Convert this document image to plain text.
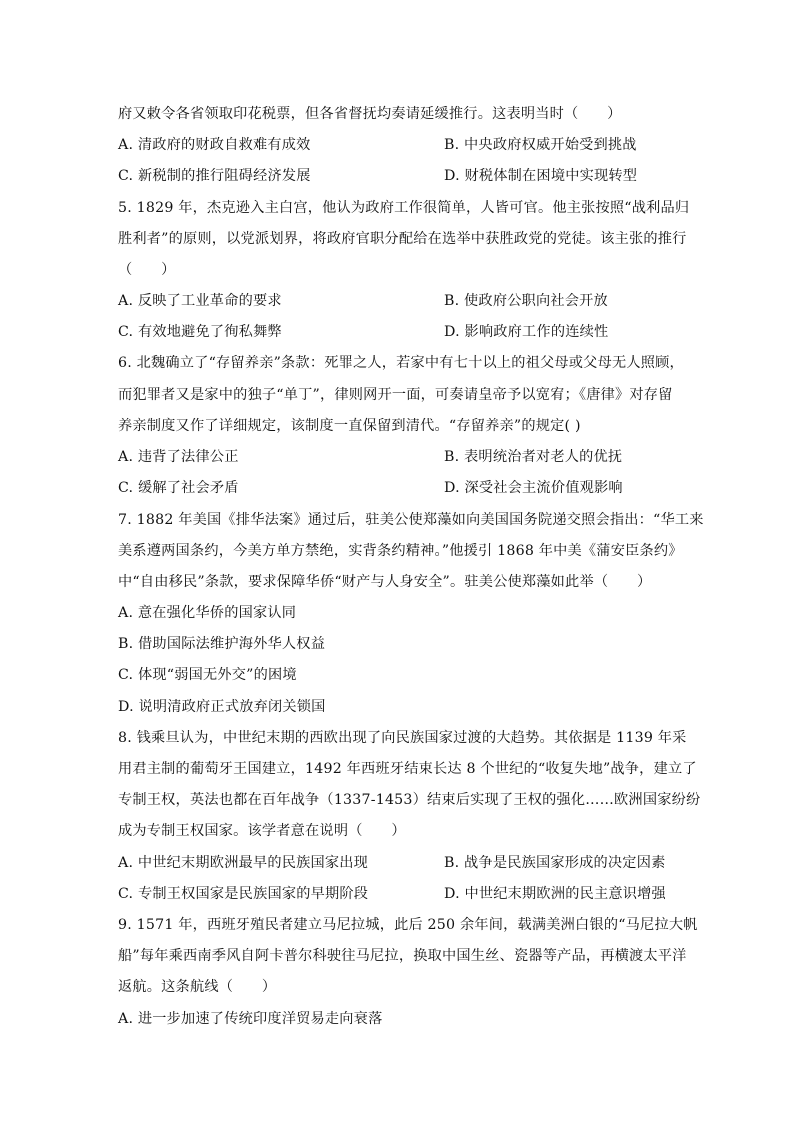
府又敕令各省领取印花税票，但各省督抚均奏请延缓推行。这表明当时（　　）
A. 清政府的财政自救难有成效	B. 中央政府权威开始受到挑战
C. 新税制的推行阻碍经济发展	D. 财税体制在困境中实现转型
5. 1829 年，杰克逊入主白宫，他认为政府工作很简单，人皆可官。他主张按照“战利品归
胜利者”的原则，以党派划界，将政府官职分配给在选举中获胜政党的党徒。该主张的推行
（　　）
A. 反映了工业革命的要求	B. 使政府公职向社会开放
C. 有效地避免了徇私舞弊	D. 影响政府工作的连续性
6. 北魏确立了“存留养亲”条款：死罪之人，若家中有七十以上的祖父母或父母无人照顾，
而犯罪者又是家中的独子“单丁”，律则网开一面，可奏请皇帝予以宽宥；《唐律》对存留
养亲制度又作了详细规定，该制度一直保留到清代。“存留养亲”的规定( )
A. 违背了法律公正	B. 表明统治者对老人的优抚
C. 缓解了社会矛盾	D. 深受社会主流价值观影响
7. 1882 年美国《排华法案》通过后，驻美公使郑藻如向美国国务院递交照会指出：“华工来
美系遵两国条约，今美方单方禁绝，实背条约精神。”他援引 1868 年中美《蒲安臣条约》
中“自由移民”条款，要求保障华侨“财产与人身安全”。驻美公使郑藻如此举（　　）
A. 意在强化华侨的国家认同
B. 借助国际法维护海外华人权益
C. 体现“弱国无外交”的困境
D. 说明清政府正式放弃闭关锁国
8. 钱乘旦认为，中世纪末期的西欧出现了向民族国家过渡的大趋势。其依据是 1139 年采
用君主制的葡萄牙王国建立，1492 年西班牙结束长达 8 个世纪的“收复失地”战争，建立了
专制王权，英法也都在百年战争（1337-1453）结束后实现了王权的强化……欧洲国家纷纷
成为专制王权国家。该学者意在说明（　　）
A. 中世纪末期欧洲最早的民族国家出现	B. 战争是民族国家形成的决定因素
C. 专制王权国家是民族国家的早期阶段	D. 中世纪末期欧洲的民主意识增强
9. 1571 年，西班牙殖民者建立马尼拉城，此后 250 余年间，载满美洲白银的“马尼拉大帆
船”每年乘西南季风自阿卡普尔科驶往马尼拉，换取中国生丝、瓷器等产品，再横渡太平洋
返航。这条航线（　　）
A. 进一步加速了传统印度洋贸易走向衰落
